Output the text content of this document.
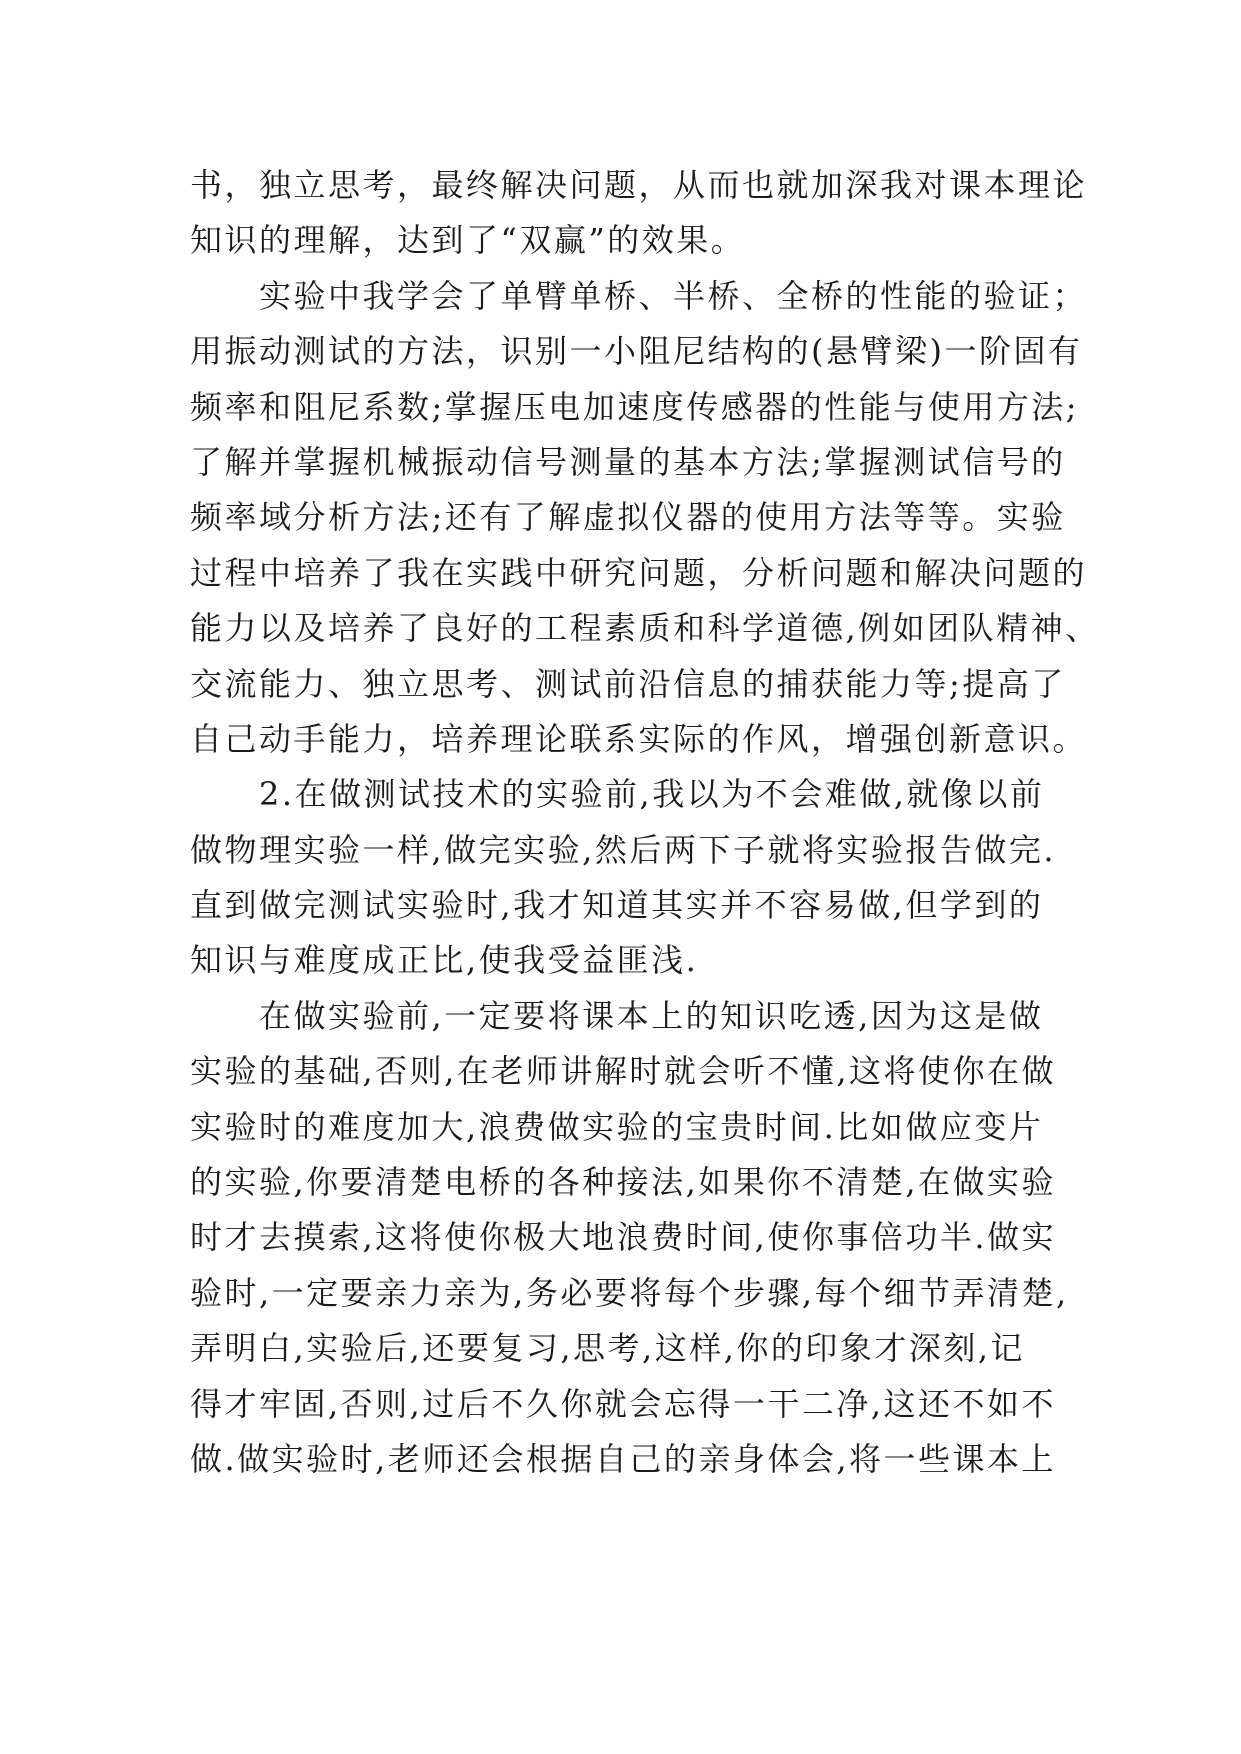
书，独立思考，最终解决问题，从而也就加深我对课本理论
知识的理解，达到了“双赢”的效果。
　　实验中我学会了单臂单桥、半桥、全桥的性能的验证；
用振动测试的方法，识别一小阻尼结构的(悬臂梁)一阶固有
频率和阻尼系数;掌握压电加速度传感器的性能与使用方法;
了解并掌握机械振动信号测量的基本方法;掌握测试信号的
频率域分析方法;还有了解虚拟仪器的使用方法等等。实验
过程中培养了我在实践中研究问题，分析问题和解决问题的
能力以及培养了良好的工程素质和科学道德,例如团队精神、
交流能力、独立思考、测试前沿信息的捕获能力等;提高了
自己动手能力，培养理论联系实际的作风，增强创新意识。
　　2.在做测试技术的实验前,我以为不会难做,就像以前
做物理实验一样,做完实验,然后两下子就将实验报告做完.
直到做完测试实验时,我才知道其实并不容易做,但学到的
知识与难度成正比,使我受益匪浅.
　　在做实验前,一定要将课本上的知识吃透,因为这是做
实验的基础,否则,在老师讲解时就会听不懂,这将使你在做
实验时的难度加大,浪费做实验的宝贵时间.比如做应变片
的实验,你要清楚电桥的各种接法,如果你不清楚,在做实验
时才去摸索,这将使你极大地浪费时间,使你事倍功半.做实
验时,一定要亲力亲为,务必要将每个步骤,每个细节弄清楚,
弄明白,实验后,还要复习,思考,这样,你的印象才深刻,记
得才牢固,否则,过后不久你就会忘得一干二净,这还不如不
做.做实验时,老师还会根据自己的亲身体会,将一些课本上
